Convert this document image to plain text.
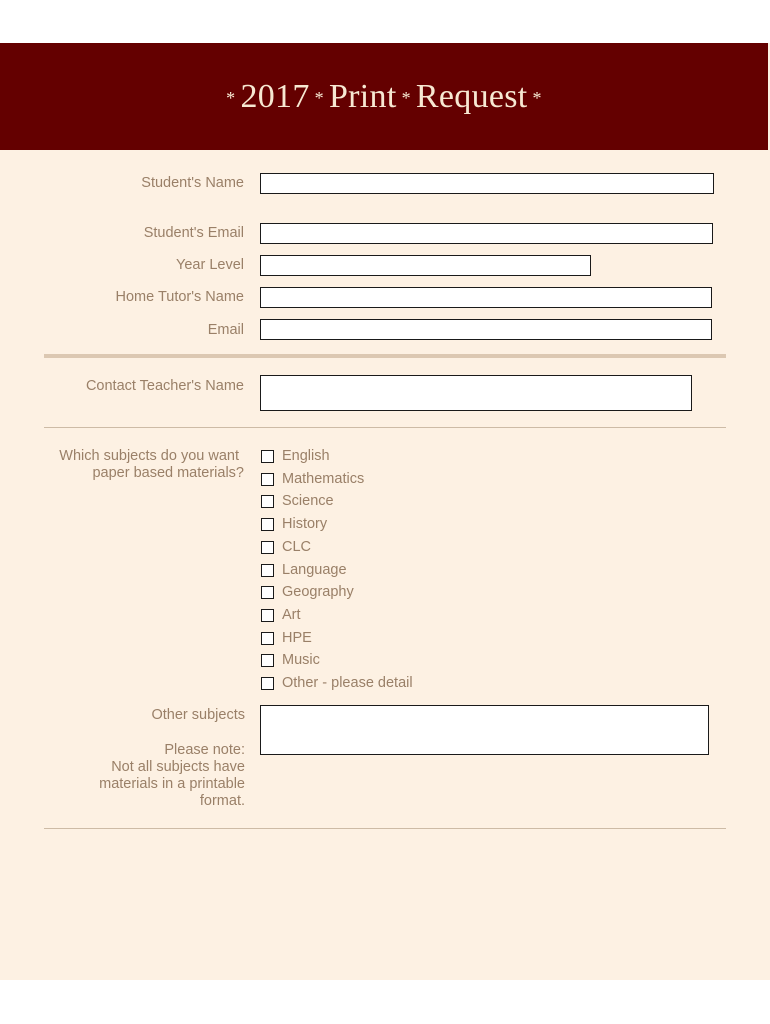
* 2017 * Print * Request *
Student's Name
Student's Email
Year Level
Home Tutor's Name
Email
Contact Teacher's Name
Which subjects do you want
paper based materials?
English
Mathematics
Science
History
CLC
Language
Geography
Art
HPE
Music
Other - please detail
Other subjects
Please note:
Not all subjects have
materials in a printable
format.
